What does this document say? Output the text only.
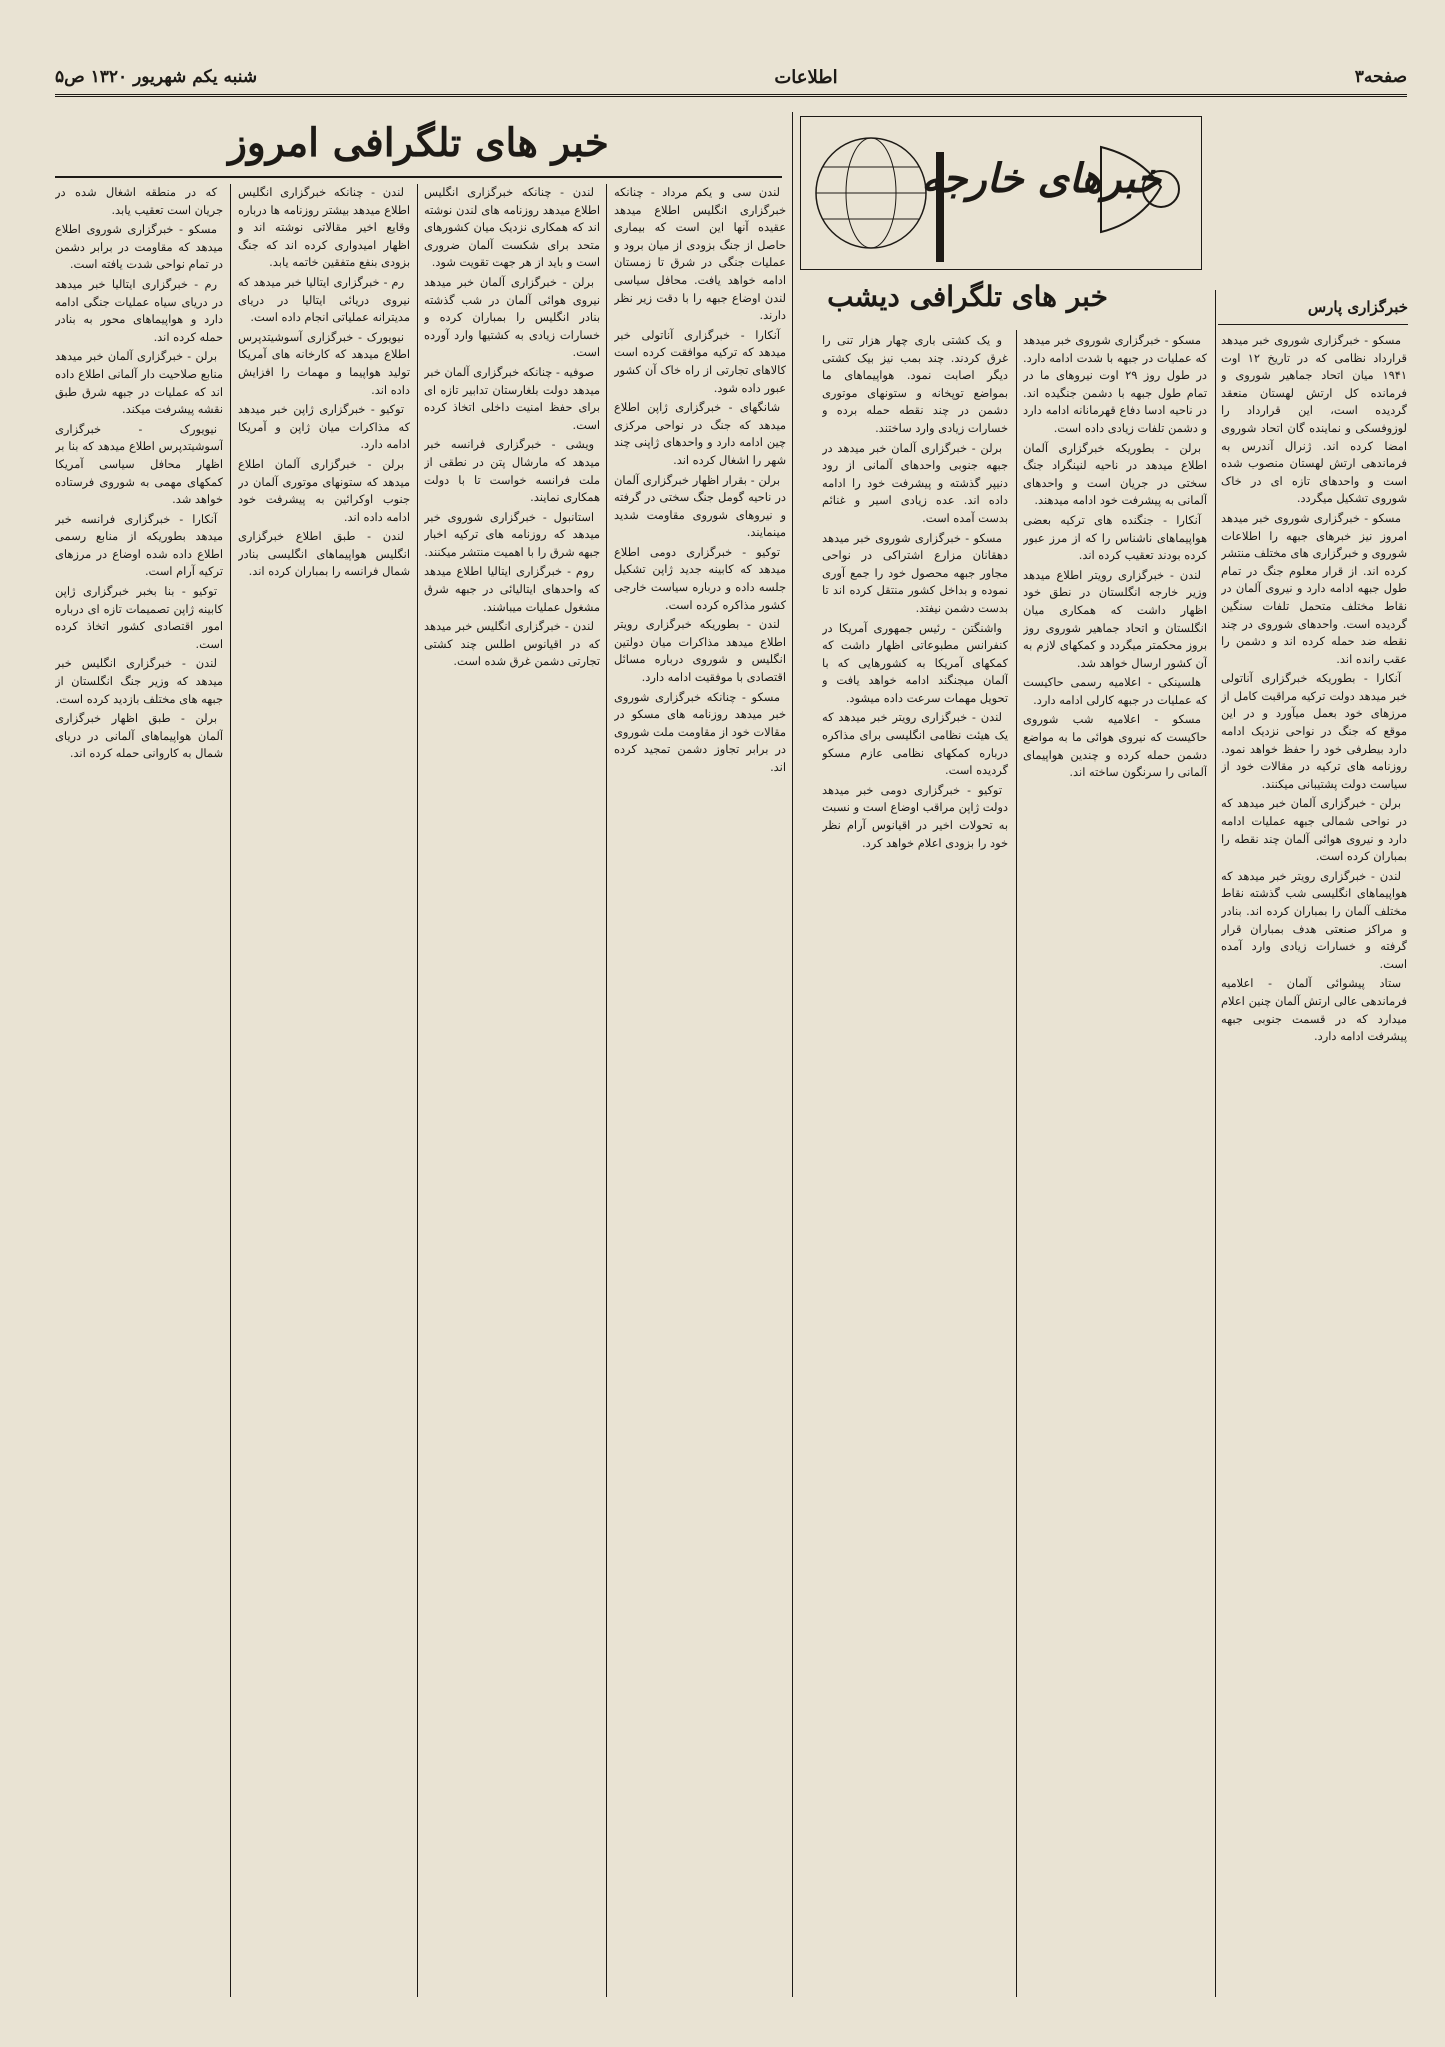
صفحه۳
اطلاعات
شنبه یکم شهریور ۱۳۲۰ ص۵
خبر های تلگرافی امروز
خبرهای خارجه
خبر های تلگرافی دیشب	خبرگزاری پارس

مسکو - خبرگزاری شوروی خبر میدهد قرارداد نظامی که در تاریخ ۱۲ اوت ۱۹۴۱ میان اتحاد جماهیر شوروی و فرمانده کل ارتش لهستان منعقد گردیده است، این قرارداد را لوزوفسکی و نماینده گان اتحاد شوروی امضا کرده اند. ژنرال آندرس به فرماندهی ارتش لهستان منصوب شده است و واحدهای تازه ای در خاک شوروی تشکیل میگردد.

مسکو - خبرگزاری شوروی خبر میدهد امروز نیز خبرهای جبهه را اطلاعات شوروی و خبرگزاری های مختلف منتشر کرده اند. از قرار معلوم جنگ در تمام طول جبهه ادامه دارد و نیروی آلمان در نقاط مختلف متحمل تلفات سنگین گردیده است. واحدهای شوروی در چند نقطه ضد حمله کرده اند و دشمن را عقب رانده اند.

آنکارا - بطوریکه خبرگزاری آناتولی خبر میدهد دولت ترکیه مراقبت کامل از مرزهای خود بعمل میآورد و در این موقع که جنگ در نواحی نزدیک ادامه دارد بیطرفی خود را حفظ خواهد نمود. روزنامه های ترکیه در مقالات خود از سیاست دولت پشتیبانی میکنند.

برلن - خبرگزاری آلمان خبر میدهد که در نواحی شمالی جبهه عملیات ادامه دارد و نیروی هوائی آلمان چند نقطه را بمباران کرده است.

لندن - خبرگزاری رویتر خبر میدهد که هواپیماهای انگلیسی شب گذشته نقاط مختلف آلمان را بمباران کرده اند. بنادر و مراکز صنعتی هدف بمباران قرار گرفته و خسارات زیادی وارد آمده است.

ستاد پیشوائی آلمان - اعلامیه فرماندهی عالی ارتش آلمان چنین اعلام میدارد که در قسمت جنوبی جبهه پیشرفت ادامه دارد.

مسکو - خبرگزاری شوروی خبر میدهد که عملیات در جبهه با شدت ادامه دارد. در طول روز ۲۹ اوت نیروهای ما در تمام طول جبهه با دشمن جنگیده اند. در ناحیه ادسا دفاع قهرمانانه ادامه دارد و دشمن تلفات زیادی داده است.

برلن - بطوریکه خبرگزاری آلمان اطلاع میدهد در ناحیه لنینگراد جنگ سختی در جریان است و واحدهای آلمانی به پیشرفت خود ادامه میدهند.

آنکارا - جنگنده های ترکیه بعضی هواپیماهای ناشناس را که از مرز عبور کرده بودند تعقیب کرده اند.

لندن - خبرگزاری رویتر اطلاع میدهد وزیر خارجه انگلستان در نطق خود اظهار داشت که همکاری میان انگلستان و اتحاد جماهیر شوروی روز بروز محکمتر میگردد و کمکهای لازم به آن کشور ارسال خواهد شد.

هلسینکی - اعلامیه رسمی حاکیست که عملیات در جبهه کارلی ادامه دارد.

مسکو - اعلامیه شب شوروی حاکیست که نیروی هوائی ما به مواضع دشمن حمله کرده و چندین هواپیمای آلمانی را سرنگون ساخته اند.

و یک کشتی باری چهار هزار تنی را غرق کردند. چند بمب نیز بیک کشتی دیگر اصابت نمود. هواپیماهای ما بمواضع توپخانه و ستونهای موتوری دشمن در چند نقطه حمله برده و خسارات زیادی وارد ساختند.

برلن - خبرگزاری آلمان خبر میدهد در جبهه جنوبی واحدهای آلمانی از رود دنیپر گذشته و پیشرفت خود را ادامه داده اند. عده زیادی اسیر و غنائم بدست آمده است.

مسکو - خبرگزاری شوروی خبر میدهد دهقانان مزارع اشتراکی در نواحی مجاور جبهه محصول خود را جمع آوری نموده و بداخل کشور منتقل کرده اند تا بدست دشمن نیفتد.

واشنگتن - رئیس جمهوری آمریکا در کنفرانس مطبوعاتی اظهار داشت که کمکهای آمریکا به کشورهایی که با آلمان میجنگند ادامه خواهد یافت و تحویل مهمات سرعت داده میشود.

لندن - خبرگزاری رویتر خبر میدهد که یک هیئت نظامی انگلیسی برای مذاکره درباره کمکهای نظامی عازم مسکو گردیده است.

توکیو - خبرگزاری دومی خبر میدهد دولت ژاپن مراقب اوضاع است و نسبت به تحولات اخیر در اقیانوس آرام نظر خود را بزودی اعلام خواهد کرد.

لندن سی و یکم مرداد - چنانکه خبرگزاری انگلیس اطلاع میدهد عقیده آنها این است که بیماری حاصل از جنگ بزودی از میان برود و عملیات جنگی در شرق تا زمستان ادامه خواهد یافت. محافل سیاسی لندن اوضاع جبهه را با دقت زیر نظر دارند.

آنکارا - خبرگزاری آناتولی خبر میدهد که ترکیه موافقت کرده است کالاهای تجارتی از راه خاک آن کشور عبور داده شود.

شانگهای - خبرگزاری ژاپن اطلاع میدهد که جنگ در نواحی مرکزی چین ادامه دارد و واحدهای ژاپنی چند شهر را اشغال کرده اند.

برلن - بقرار اظهار خبرگزاری آلمان در ناحیه گومل جنگ سختی در گرفته و نیروهای شوروی مقاومت شدید مینمایند.

توکیو - خبرگزاری دومی اطلاع میدهد که کابینه جدید ژاپن تشکیل جلسه داده و درباره سیاست خارجی کشور مذاکره کرده است.

لندن - بطوریکه خبرگزاری رویتر اطلاع میدهد مذاکرات میان دولتین انگلیس و شوروی درباره مسائل اقتصادی با موفقیت ادامه دارد.

مسکو - چنانکه خبرگزاری شوروی خبر میدهد روزنامه های مسکو در مقالات خود از مقاومت ملت شوروی در برابر تجاوز دشمن تمجید کرده اند.

لندن - چنانکه خبرگزاری انگلیس اطلاع میدهد روزنامه های لندن نوشته اند که همکاری نزدیک میان کشورهای متحد برای شکست آلمان ضروری است و باید از هر جهت تقویت شود.

برلن - خبرگزاری آلمان خبر میدهد نیروی هوائی آلمان در شب گذشته بنادر انگلیس را بمباران کرده و خسارات زیادی به کشتیها وارد آورده است.

صوفیه - چنانکه خبرگزاری آلمان خبر میدهد دولت بلغارستان تدابیر تازه ای برای حفظ امنیت داخلی اتخاذ کرده است.

ویشی - خبرگزاری فرانسه خبر میدهد که مارشال پتن در نطقی از ملت فرانسه خواست تا با دولت همکاری نمایند.

استانبول - خبرگزاری شوروی خبر میدهد که روزنامه های ترکیه اخبار جبهه شرق را با اهمیت منتشر میکنند.

روم - خبرگزاری ایتالیا اطلاع میدهد که واحدهای ایتالیائی در جبهه شرق مشغول عملیات میباشند.

لندن - خبرگزاری انگلیس خبر میدهد که در اقیانوس اطلس چند کشتی تجارتی دشمن غرق شده است.

لندن - چنانکه خبرگزاری انگلیس اطلاع میدهد بیشتر روزنامه ها درباره وقایع اخیر مقالاتی نوشته اند و اظهار امیدواری کرده اند که جنگ بزودی بنفع متفقین خاتمه یابد.

رم - خبرگزاری ایتالیا خبر میدهد که نیروی دریائی ایتالیا در دریای مدیترانه عملیاتی انجام داده است.

نیویورک - خبرگزاری آسوشیتدپرس اطلاع میدهد که کارخانه های آمریکا تولید هواپیما و مهمات را افزایش داده اند.

توکیو - خبرگزاری ژاپن خبر میدهد که مذاکرات میان ژاپن و آمریکا ادامه دارد.

برلن - خبرگزاری آلمان اطلاع میدهد که ستونهای موتوری آلمان در جنوب اوکرائین به پیشرفت خود ادامه داده اند.

لندن - طبق اطلاع خبرگزاری انگلیس هواپیماهای انگلیسی بنادر شمال فرانسه را بمباران کرده اند.

که در منطقه اشغال شده در جریان است تعقیب یابد.

مسکو - خبرگزاری شوروی اطلاع میدهد که مقاومت در برابر دشمن در تمام نواحی شدت یافته است.

رم - خبرگزاری ایتالیا خبر میدهد در دریای سیاه عملیات جنگی ادامه دارد و هواپیماهای محور به بنادر حمله کرده اند.

برلن - خبرگزاری آلمان خبر میدهد منابع صلاحیت دار آلمانی اطلاع داده اند که عملیات در جبهه شرق طبق نقشه پیشرفت میکند.

نیویورک - خبرگزاری آسوشیتدپرس اطلاع میدهد که بنا بر اظهار محافل سیاسی آمریکا کمکهای مهمی به شوروی فرستاده خواهد شد.

آنکارا - خبرگزاری فرانسه خبر میدهد بطوریکه از منابع رسمی اطلاع داده شده اوضاع در مرزهای ترکیه آرام است.

توکیو - بنا بخبر خبرگزاری ژاپن کابینه ژاپن تصمیمات تازه ای درباره امور اقتصادی کشور اتخاذ کرده است.

لندن - خبرگزاری انگلیس خبر میدهد که وزیر جنگ انگلستان از جبهه های مختلف بازدید کرده است.

برلن - طبق اظهار خبرگزاری آلمان هواپیماهای آلمانی در دریای شمال به کاروانی حمله کرده اند.
